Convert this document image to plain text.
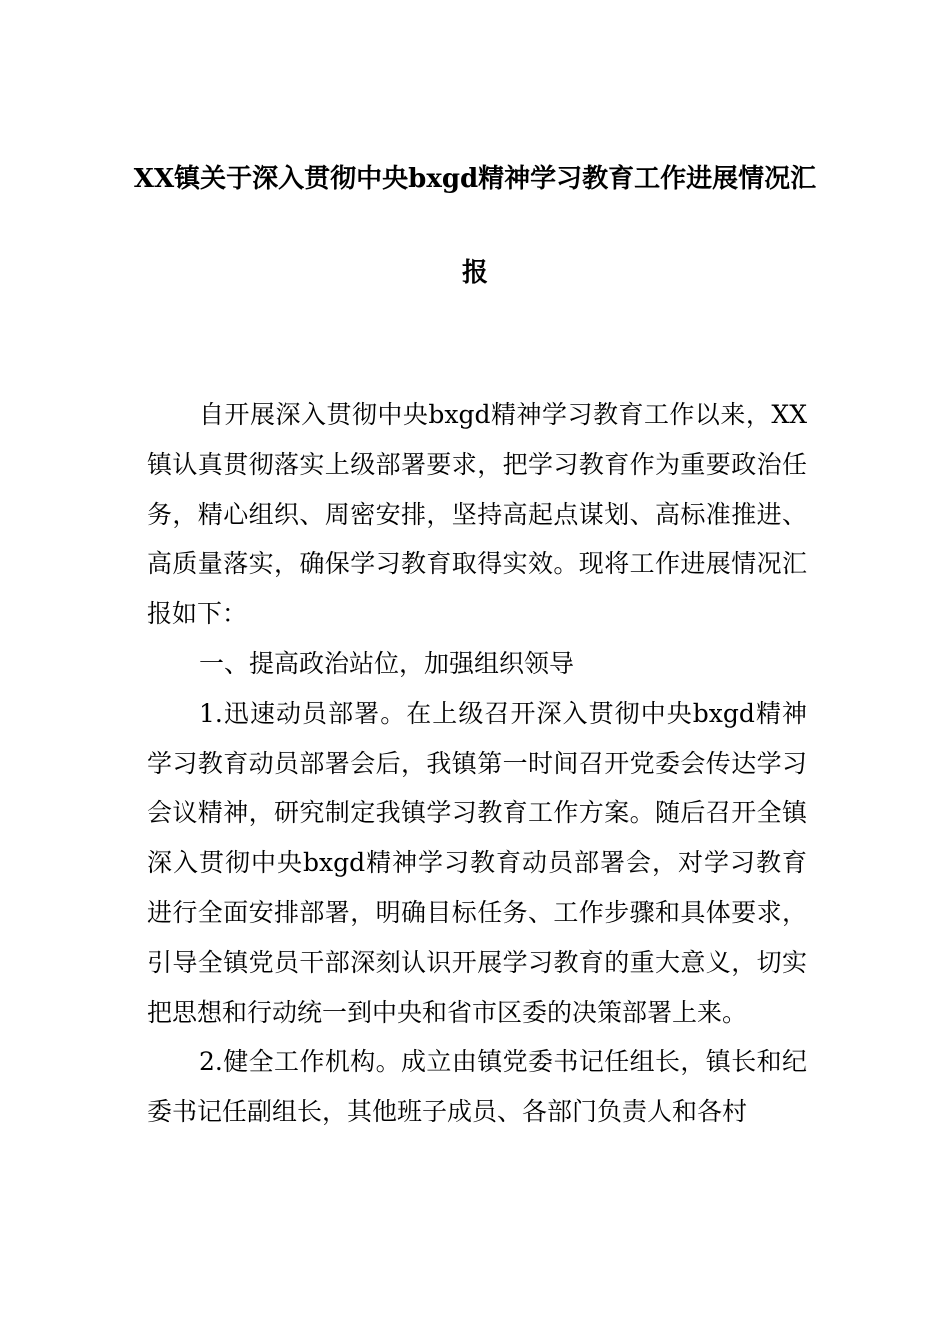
XX镇关于深入贯彻中央bxgd精神学习教育工作进展情况汇
报

自开展深入贯彻中央bxgd精神学习教育工作以来，XX镇认真贯彻落实上级部署要求，把学习教育作为重要政治任务，精心组织、周密安排，坚持高起点谋划、高标准推进、高质量落实，确保学习教育取得实效。现将工作进展情况汇报如下：

一、提高政治站位，加强组织领导

1.迅速动员部署。在上级召开深入贯彻中央bxgd精神学习教育动员部署会后，我镇第一时间召开党委会传达学习会议精神，研究制定我镇学习教育工作方案。随后召开全镇深入贯彻中央bxgd精神学习教育动员部署会，对学习教育进行全面安排部署，明确目标任务、工作步骤和具体要求，引导全镇党员干部深刻认识开展学习教育的重大意义，切实把思想和行动统一到中央和省市区委的决策部署上来。

2.健全工作机构。成立由镇党委书记任组长，镇长和纪委书记任副组长，其他班子成员、各部门负责人和各村
